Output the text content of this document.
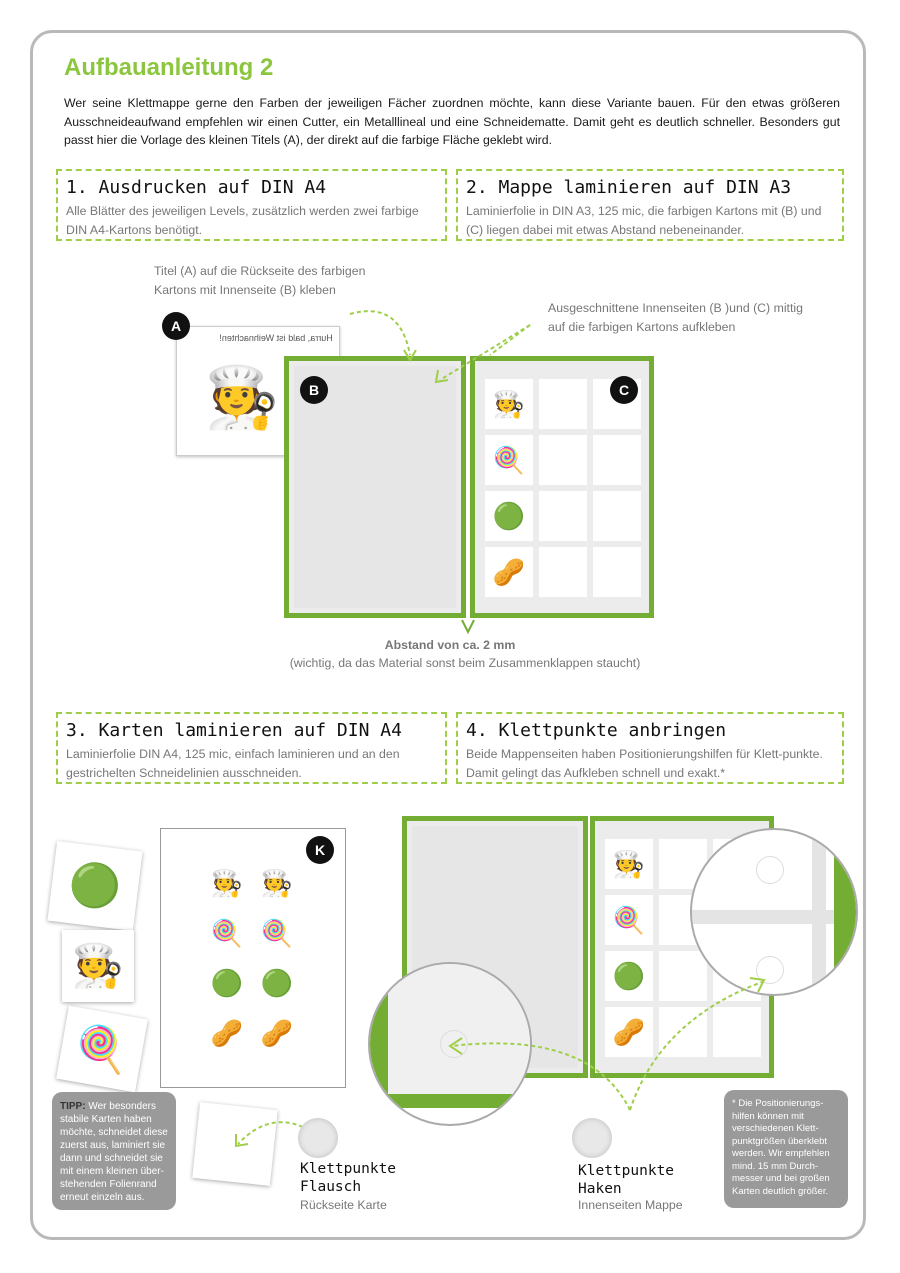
Aufbauanleitung 2
Wer seine Klettmappe gerne den Farben der jeweiligen Fächer zuordnen möchte, kann diese Variante bauen. Für den etwas größeren Ausschneideaufwand empfehlen wir einen Cutter, ein Metalllineal und eine Schneidematte. Damit geht es deutlich schneller. Besonders gut passt hier die Vorlage des kleinen Titels (A), der direkt auf die farbige Fläche geklebt wird.
1. Ausdrucken auf DIN A4
Alle Blätter des jeweiligen Levels, zusätzlich werden zwei farbige DIN A4-Kartons benötigt.
2. Mappe laminieren auf DIN A3
Laminierfolie in DIN A3, 125 mic, die farbigen Kartons mit (B) und (C) liegen dabei mit etwas Abstand nebeneinander.
Titel (A) auf die Rückseite des farbigen Kartons mit Innenseite (B) kleben
Ausgeschnittene Innenseiten (B )und (C) mittig auf die farbigen Kartons aufkleben
Hurra, bald ist Weihnachten!
🧑‍🍳
A
B	🧑‍🍳
🍭
🟢
🥜
C
Abstand von ca. 2 mm
(wichtig, da das Material sonst beim Zusammenklappen staucht)
3. Karten laminieren auf DIN A4
Laminierfolie DIN A4, 125 mic, einfach laminieren und an den gestrichelten Schneidelinien ausschneiden.
4. Klettpunkte anbringen
Beide Mappenseiten haben Positionierungshilfen für Klett-punkte. Damit gelingt das Aufkleben schnell und exakt.*
🟢
🧑‍🍳
🍭
🧑‍🍳 🧑‍🍳
🍭 🍭
🟢 🟢
🥜 🥜
K
TIPP: Wer besonders stabile Karten haben möchte, schneidet diese zuerst aus, laminiert sie dann und schneidet sie mit einem kleinen über-stehenden Folienrand erneut einzeln aus.
Klettpunkte
Flausch
Rückseite Karte
🧑‍🍳
🍭
🟢
🥜
Klettpunkte
Haken
Innenseiten Mappe
* Die Positionierungs-hilfen können mit verschiedenen Klett-punktgrößen überklebt werden. Wir empfehlen mind. 15 mm Durch-messer und bei großen Karten deutlich größer.
